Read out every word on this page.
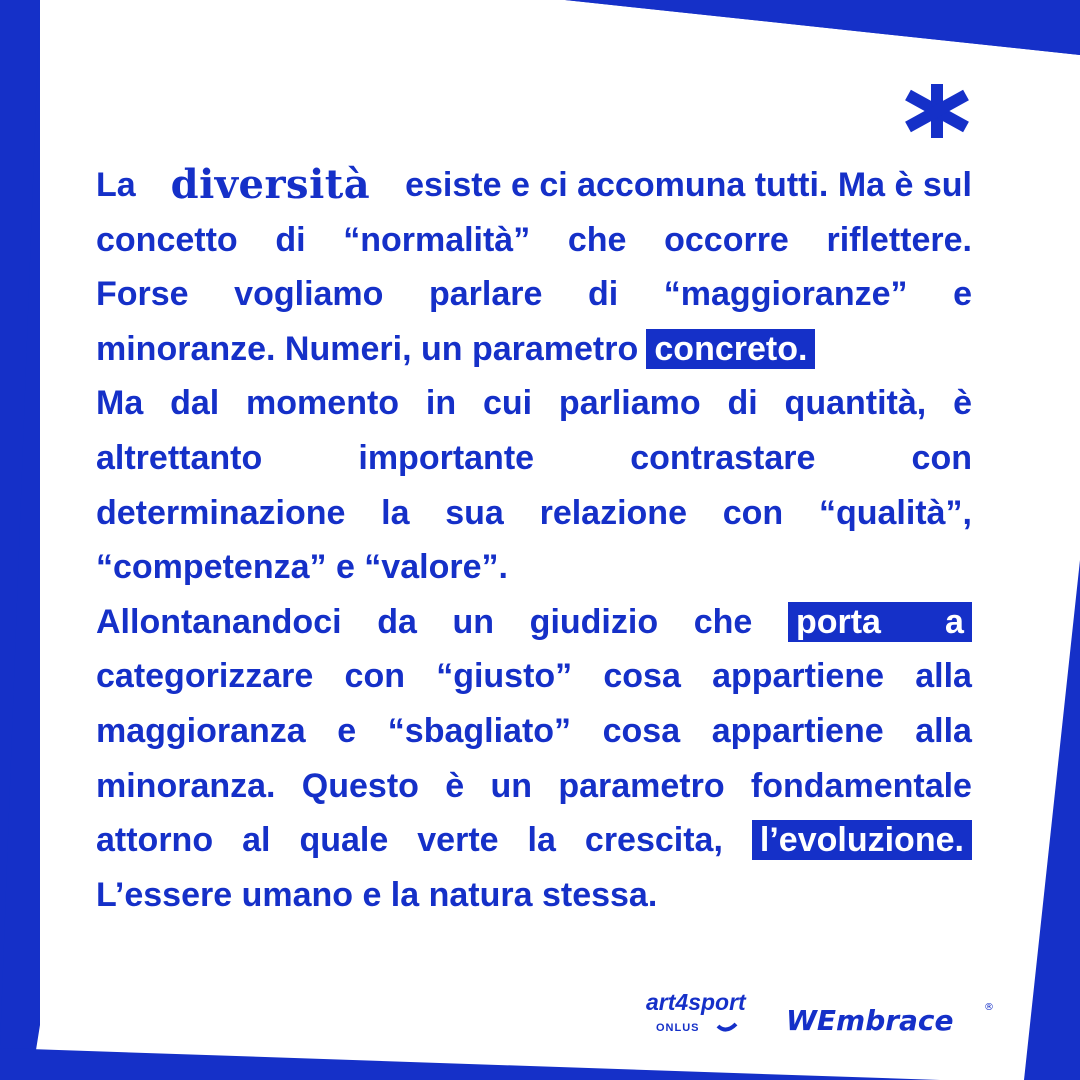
La diversità esiste e ci accomuna tutti. Ma è sul
concetto di “normalità” che occorre riflettere.
Forse vogliamo parlare di “maggioranze” e
minoranze. Numeri, un parametro concreto.
Ma dal momento in cui parliamo di quantità, è
altrettanto	importante	contrastare	con
determinazione la sua relazione con “qualità”,
“competenza” e “valore”.
Allontanandoci da un giudizio che porta a
categorizzare con “giusto” cosa appartiene alla
maggioranza e “sbagliato” cosa appartiene alla
minoranza. Questo è un parametro fondamentale
attorno al quale verte la crescita, l’evoluzione.
L’essere umano e la natura stessa.
art4sport
ONLUS	WEmbrace	®
